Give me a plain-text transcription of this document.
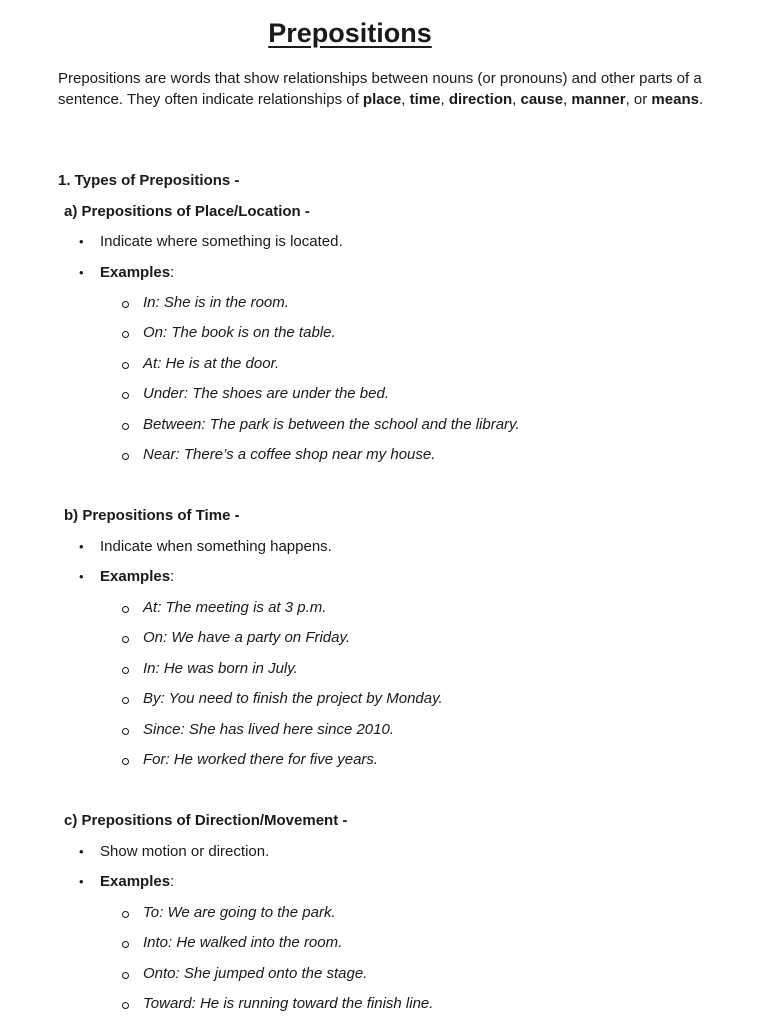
Prepositions
Prepositions are words that show relationships between nouns (or pronouns) and other parts of a sentence. They often indicate relationships of place, time, direction, cause, manner, or means.
1. Types of Prepositions -
a) Prepositions of Place/Location -
• Indicate where something is located.
• Examples:
In: She is in the room.
On: The book is on the table.
At: He is at the door.
Under: The shoes are under the bed.
Between: The park is between the school and the library.
Near: There’s a coffee shop near my house.
b) Prepositions of Time -
• Indicate when something happens.
• Examples:
At: The meeting is at 3 p.m.
On: We have a party on Friday.
In: He was born in July.
By: You need to finish the project by Monday.
Since: She has lived here since 2010.
For: He worked there for five years.
c) Prepositions of Direction/Movement -
• Show motion or direction.
• Examples:
To: We are going to the park.
Into: He walked into the room.
Onto: She jumped onto the stage.
Toward: He is running toward the finish line.
